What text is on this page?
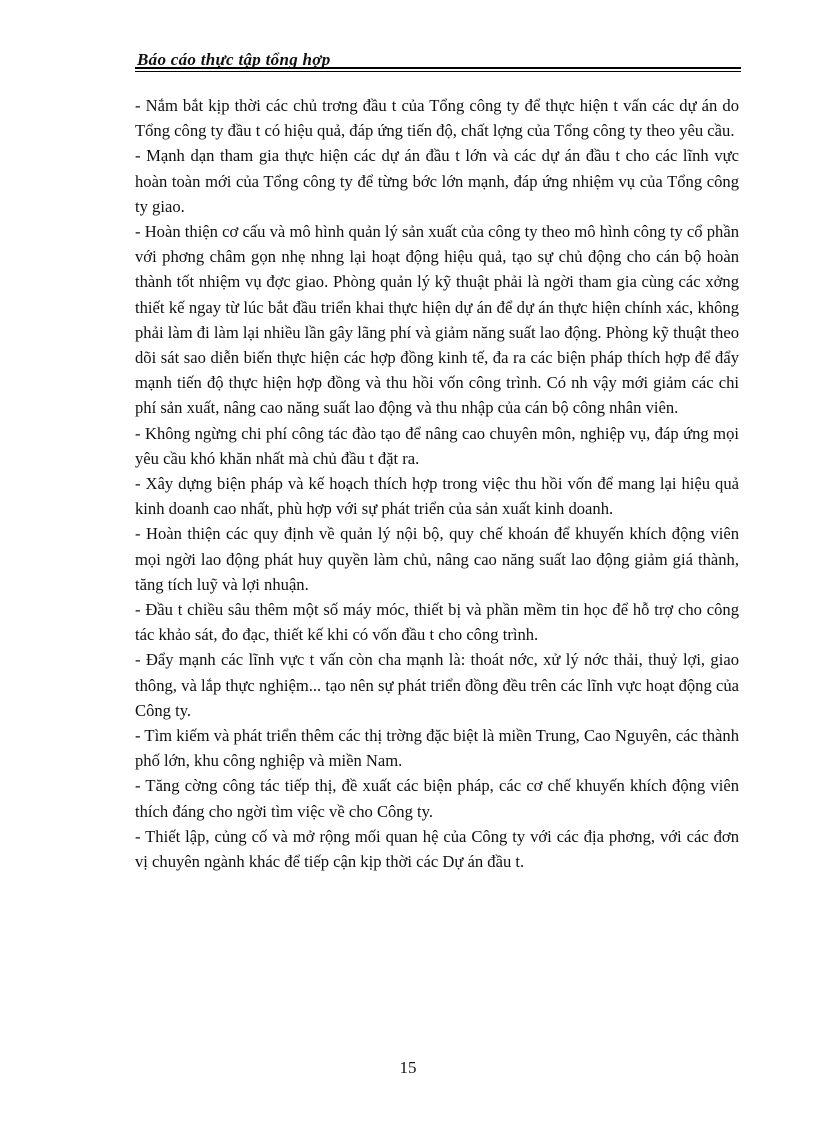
Báo cáo thực tập tổng hợp

- Nắm bắt kịp thời các chủ trơng đầu t của Tổng công ty để thực hiện t vấn các dự án do Tổng công ty đầu t có hiệu quả, đáp ứng tiến độ, chất lợng của Tổng công ty theo yêu cầu.

- Mạnh dạn tham gia thực hiện các dự án đầu t lớn và các dự án đầu t cho các lĩnh vực hoàn toàn mới của Tổng công ty để từng bớc lớn mạnh, đáp ứng nhiệm vụ của Tổng công ty giao.

- Hoàn thiện cơ cấu và mô hình quản lý sản xuất của công ty theo mô hình công ty cổ phần với phơng châm gọn nhẹ nhng lại hoạt động hiệu quả, tạo sự chủ động cho cán bộ hoàn thành tốt nhiệm vụ đợc giao. Phòng quản lý kỹ thuật phải là ngời tham gia cùng các xởng thiết kế ngay từ lúc bắt đầu triển khai thực hiện dự án để dự án thực hiện chính xác, không phải làm đi làm lại nhiều lần gây lãng phí và giảm năng suất lao động. Phòng kỹ thuật theo dõi sát sao diễn biến thực hiện các hợp đồng kinh tế, đa ra các biện pháp thích hợp để đẩy mạnh tiến độ thực hiện hợp đồng và thu hồi vốn công trình. Có nh vậy mới giảm các chi phí sản xuất, nâng cao năng suất lao động và thu nhập của cán bộ công nhân viên.

- Không ngừng chi phí công tác đào tạo để nâng cao chuyên môn, nghiệp vụ, đáp ứng mọi yêu cầu khó khăn nhất mà chủ đầu t đặt ra.

- Xây dựng biện pháp và kế hoạch thích hợp trong việc thu hồi vốn để mang lại hiệu quả kinh doanh cao nhất, phù hợp với sự phát triển của sản xuất kinh doanh.

- Hoàn thiện các quy định về quản lý nội bộ, quy chế khoán để khuyến khích động viên mọi ngời lao động phát huy quyền làm chủ, nâng cao năng suất lao động giảm giá thành, tăng tích luỹ và lợi nhuận.

- Đầu t chiều sâu thêm một số máy móc, thiết bị và phần mềm tin học để hỗ trợ cho công tác khảo sát, đo đạc, thiết kế khi có vốn đầu t cho công trình.

- Đẩy mạnh các lĩnh vực t vấn còn cha mạnh là: thoát nớc, xử lý nớc thải, thuỷ lợi, giao thông, và lắp thực nghiệm... tạo nên sự phát triển đồng đều trên các lĩnh vực hoạt động của Công ty.

- Tìm kiếm và phát triển thêm các thị trờng đặc biệt là miền Trung, Cao Nguyên, các thành phố lớn, khu công nghiệp và miền Nam.

- Tăng cờng công tác tiếp thị, đề xuất các biện pháp, các cơ chế khuyến khích động viên thích đáng cho ngời tìm việc về cho Công ty.

- Thiết lập, củng cố và mở rộng mối quan hệ của Công ty với các địa phơng, với các đơn vị chuyên ngành khác để tiếp cận kịp thời các Dự án đầu t.

15
